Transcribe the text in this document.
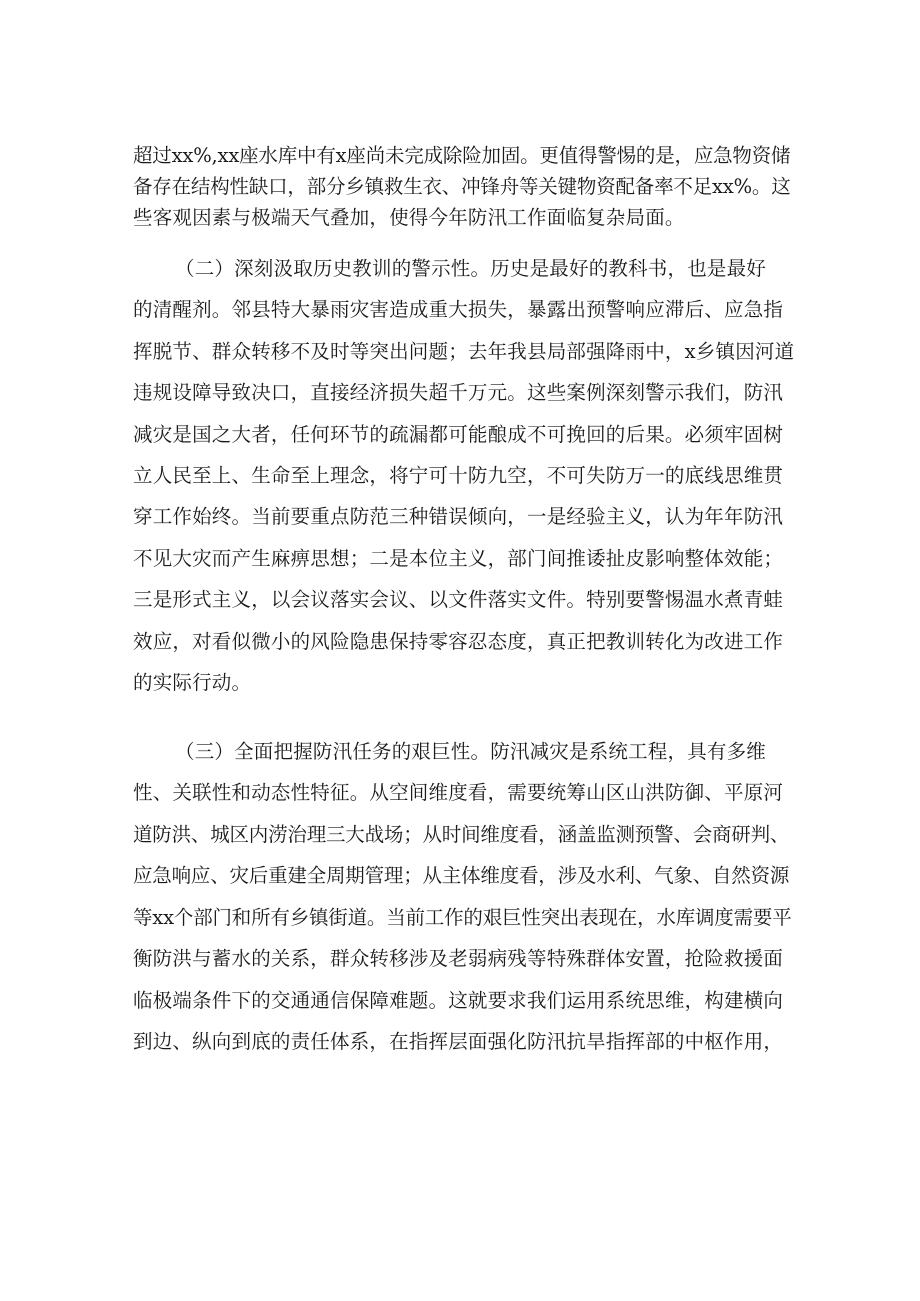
超过xx%,xx座水库中有x座尚未完成除险加固。更值得警惕的是，应急物资储
备存在结构性缺口，部分乡镇救生衣、冲锋舟等关键物资配备率不足xx%。这
些客观因素与极端天气叠加，使得今年防汛工作面临复杂局面。
（二）深刻汲取历史教训的警示性。历史是最好的教科书，也是最好
的清醒剂。邻县特大暴雨灾害造成重大损失，暴露出预警响应滞后、应急指
挥脱节、群众转移不及时等突出问题；去年我县局部强降雨中，x乡镇因河道
违规设障导致决口，直接经济损失超千万元。这些案例深刻警示我们，防汛
减灾是国之大者，任何环节的疏漏都可能酿成不可挽回的后果。必须牢固树
立人民至上、生命至上理念，将宁可十防九空，不可失防万一的底线思维贯
穿工作始终。当前要重点防范三种错误倾向，一是经验主义，认为年年防汛
不见大灾而产生麻痹思想；二是本位主义，部门间推诿扯皮影响整体效能；
三是形式主义，以会议落实会议、以文件落实文件。特别要警惕温水煮青蛙
效应，对看似微小的风险隐患保持零容忍态度，真正把教训转化为改进工作
的实际行动。
（三）全面把握防汛任务的艰巨性。防汛减灾是系统工程，具有多维
性、关联性和动态性特征。从空间维度看，需要统筹山区山洪防御、平原河
道防洪、城区内涝治理三大战场；从时间维度看，涵盖监测预警、会商研判、
应急响应、灾后重建全周期管理；从主体维度看，涉及水利、气象、自然资源
等xx个部门和所有乡镇街道。当前工作的艰巨性突出表现在，水库调度需要平
衡防洪与蓄水的关系，群众转移涉及老弱病残等特殊群体安置，抢险救援面
临极端条件下的交通通信保障难题。这就要求我们运用系统思维，构建横向
到边、纵向到底的责任体系，在指挥层面强化防汛抗旱指挥部的中枢作用，
